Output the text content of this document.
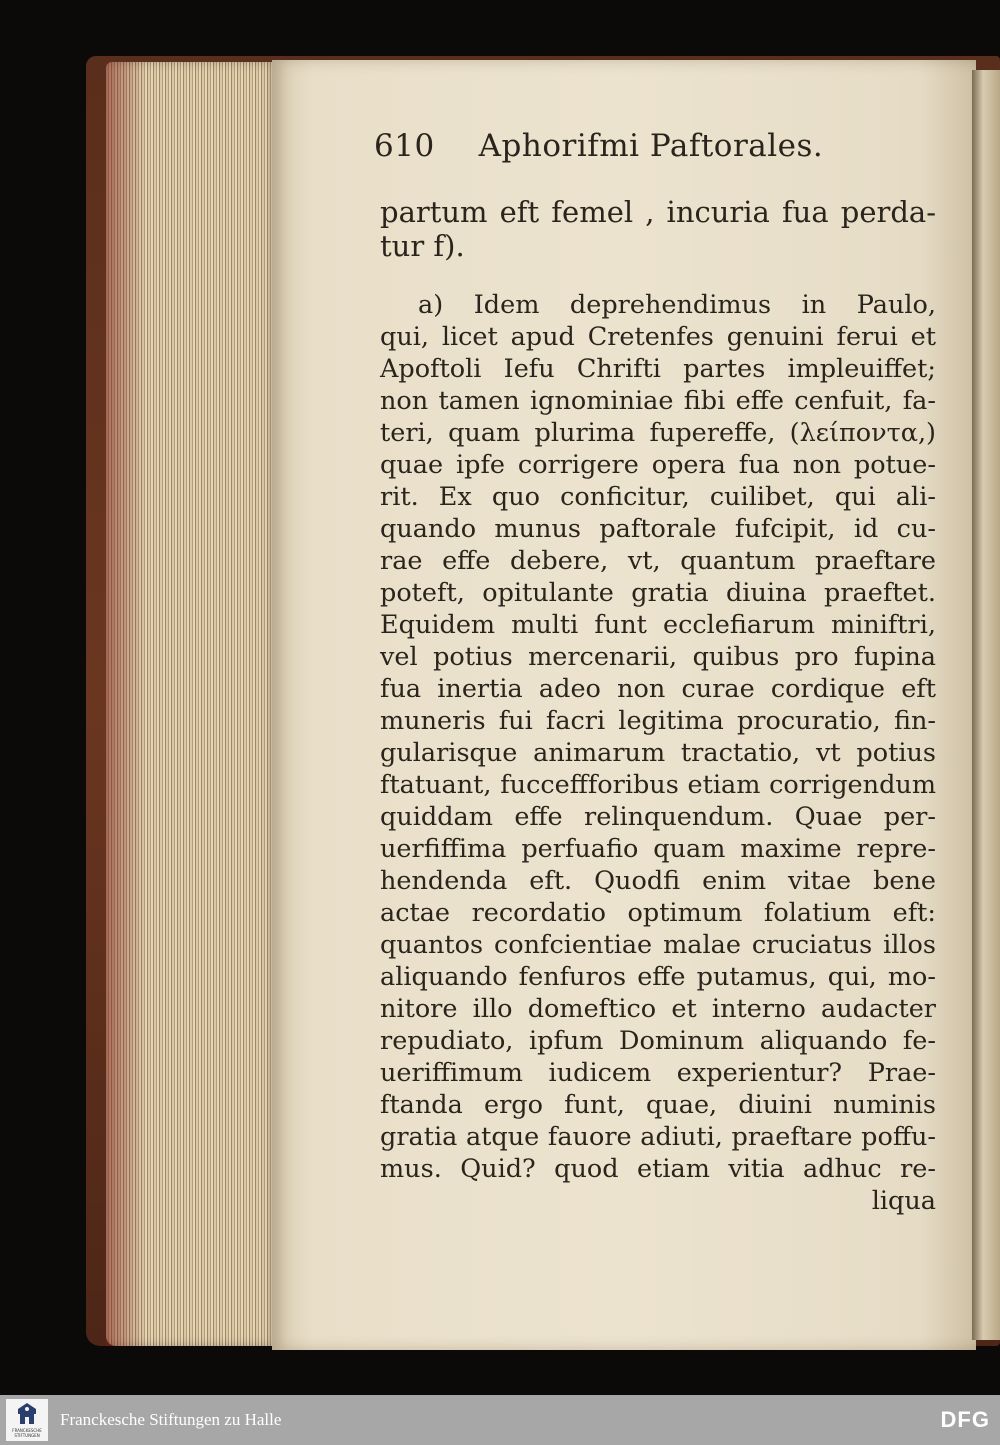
610 Aphorifmi Paftorales.
partum eft femel , incuria fua perda-
tur f).
a) Idem deprehendimus in Paulo,
qui, licet apud Cretenfes genuini ferui et
Apoftoli Iefu Chrifti partes impleuiffet;
non tamen ignominiae fibi effe cenfuit, fa-
teri, quam plurima fupereffe, (λείποντα,)
quae ipfe corrigere opera fua non potue-
rit. Ex quo conficitur, cuilibet, qui ali-
quando munus paftorale fufcipit, id cu-
rae effe debere, vt, quantum praeftare
poteft, opitulante gratia diuina praeftet.
Equidem multi funt ecclefiarum miniftri,
vel potius mercenarii, quibus pro fupina
fua inertia adeo non curae cordique eft
muneris fui facri legitima procuratio, fin-
gularisque animarum tractatio, vt potius
ftatuant, fucceffforibus etiam corrigendum
quiddam effe relinquendum. Quae per-
uerfiffima perfuafio quam maxime repre-
hendenda eft. Quodfi enim vitae bene
actae recordatio optimum folatium eft:
quantos confcientiae malae cruciatus illos
aliquando fenfuros effe putamus, qui, mo-
nitore illo domeftico et interno audacter
repudiato, ipfum Dominum aliquando fe-
ueriffimum iudicem experientur? Prae-
ftanda ergo funt, quae, diuini numinis
gratia atque fauore adiuti, praeftare poffu-
mus. Quid? quod etiam vitia adhuc re-
liqua
FRANCKESCHE STIFTUNGEN
Franckesche Stiftungen zu Halle	DFG
